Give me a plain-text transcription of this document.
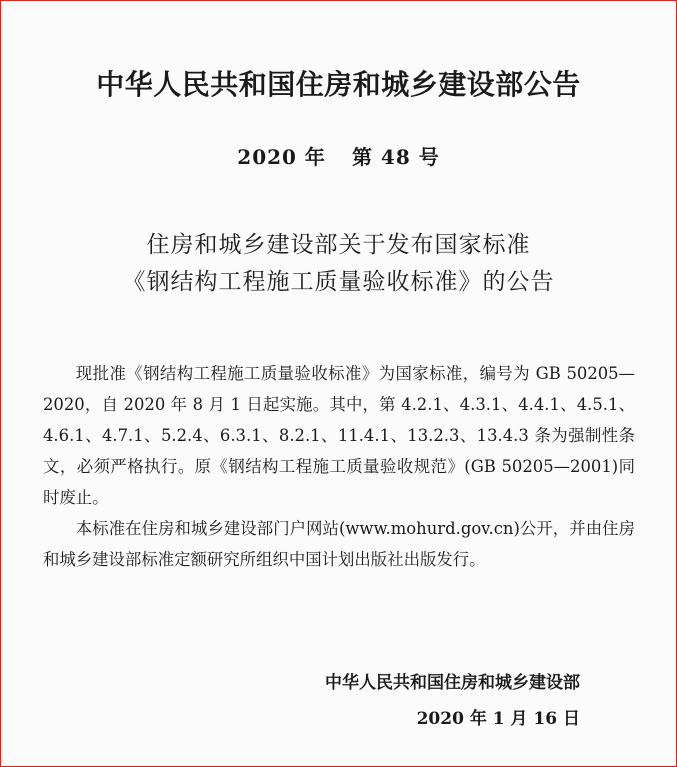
中华人民共和国住房和城乡建设部公告
2020 年 第 48 号
住房和城乡建设部关于发布国家标准
《钢结构工程施工质量验收标准》的公告

现批准《钢结构工程施工质量验收标准》为国家标准，编号为 GB 50205—2020，自 2020 年 8 月 1 日起实施。其中，第 4.2.1、4.3.1、4.4.1、4.5.1、4.6.1、4.7.1、5.2.4、6.3.1、8.2.1、11.4.1、13.2.3、13.4.3 条为强制性条文，必须严格执行。原《钢结构工程施工质量验收规范》(GB 50205—2001)同时废止。

本标准在住房和城乡建设部门户网站(www.mohurd.gov.cn)公开，并由住房和城乡建设部标准定额研究所组织中国计划出版社出版发行。

中华人民共和国住房和城乡建设部
2020 年 1 月 16 日
